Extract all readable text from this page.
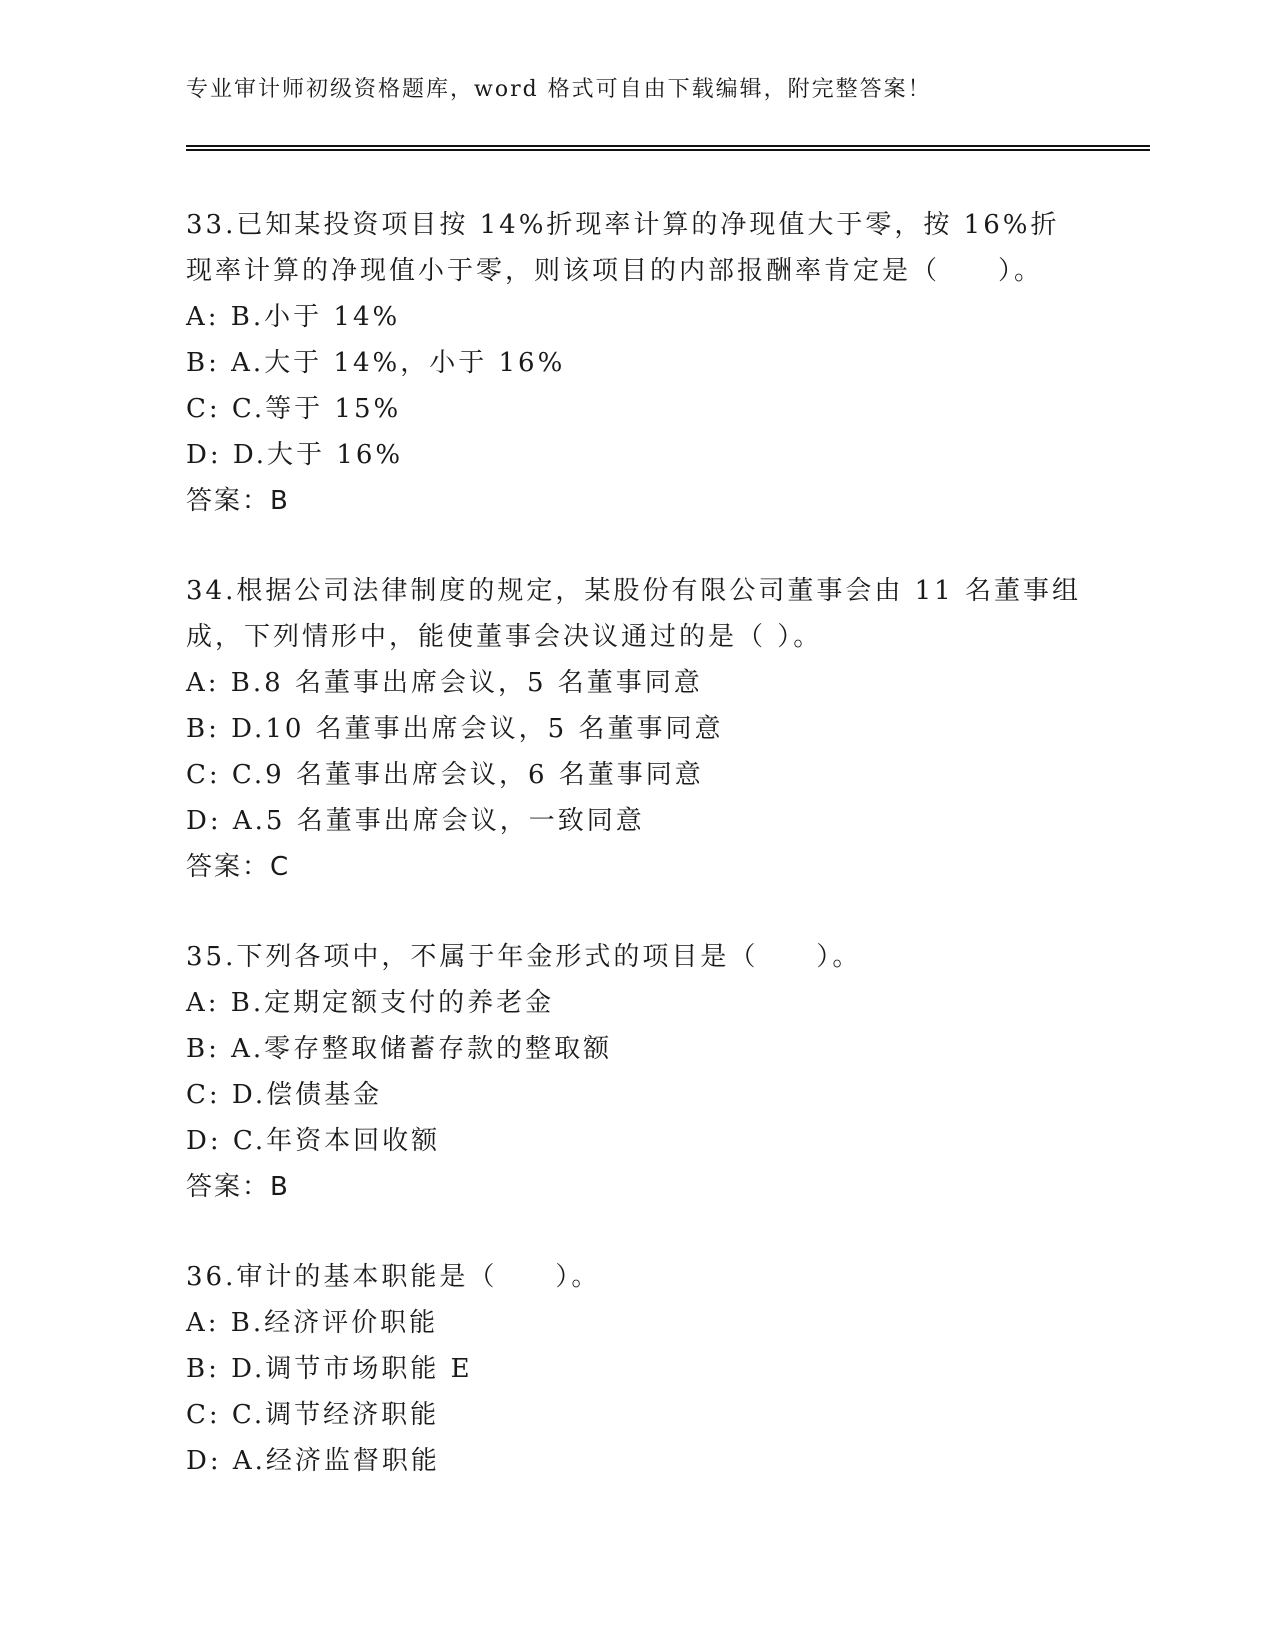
专业审计师初级资格题库，word 格式可自由下载编辑，附完整答案！

33.已知某投资项目按 14%折现率计算的净现值大于零，按 16%折现率计算的净现值小于零，则该项目的内部报酬率肯定是（　　）。

A: B.小于 14%

B: A.大于 14%，小于 16%

C: C.等于 15%

D: D.大于 16%

答案：B

34.根据公司法律制度的规定，某股份有限公司董事会由 11 名董事组成，下列情形中，能使董事会决议通过的是（ ）。

A: B.8 名董事出席会议，5 名董事同意

B: D.10 名董事出席会议，5 名董事同意

C: C.9 名董事出席会议，6 名董事同意

D: A.5 名董事出席会议，一致同意

答案：C

35.下列各项中，不属于年金形式的项目是（　　）。

A: B.定期定额支付的养老金

B: A.零存整取储蓄存款的整取额

C: D.偿债基金

D: C.年资本回收额

答案：B

36.审计的基本职能是（　　）。

A: B.经济评价职能

B: D.调节市场职能 E

C: C.调节经济职能

D: A.经济监督职能
